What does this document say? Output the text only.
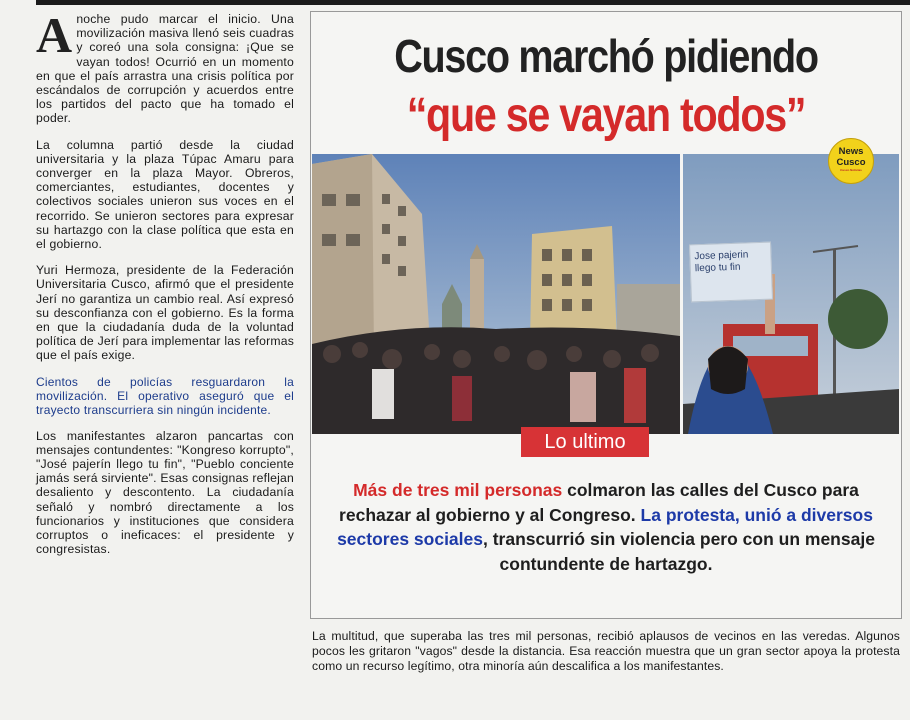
Anoche pudo marcar el inicio. Una movilización masiva llenó seis cuadras y coreó una sola consigna: ¡Que se vayan todos! Ocurrió en un momento en que el país arrastra una crisis política por escándalos de corrupción y acuerdos entre los partidos del pacto que ha tomado el poder.

La columna partió desde la ciudad universitaria y la plaza Túpac Amaru para converger en la plaza Mayor. Obreros, comerciantes, estudiantes, docentes y colectivos sociales unieron sus voces en el recorrido. Se unieron sectores para expresar su hartazgo con la clase política que esta en el gobierno.

Yuri Hermoza, presidente de la Federación Universitaria Cusco, afirmó que el presidente Jerí no garantiza un cambio real. Así expresó su desconfianza con el gobierno. Es la forma en que la ciudadanía duda de la voluntad política de Jerí para implementar las reformas que el país exige.

Cientos de policías resguardaron la movilización. El operativo aseguró que el trayecto transcurriera sin ningún incidente.

Los manifestantes alzaron pancartas con mensajes contundentes: "Kongreso korrupto", "José pajerín llego tu fin", "Pueblo conciente jamás será sirviente". Esas consignas reflejan desaliento y descontento. La ciudadanía señaló y nombró directamente a los funcionarios y instituciones que considera corruptos o ineficaces: el presidente y congresistas.

Cusco marchó pidiendo
“que se vayan todos”
Lo ultimo
Más de tres mil personas colmaron las calles del Cusco para rechazar al gobierno y al Congreso. La protesta, unió a diversos sectores sociales, transcurrió sin violencia pero con un mensaje contundente de hartazgo.
Jose pajerin llego tu fin
News
Cusco
Cusco Noticias

La multitud, que superaba las tres mil personas, recibió aplausos de vecinos en las veredas. Algunos pocos les gritaron "vagos" desde la distancia. Esa reacción muestra que un gran sector apoya la protesta como un recurso legítimo, otra minoría aún descalifica a los manifestantes.
